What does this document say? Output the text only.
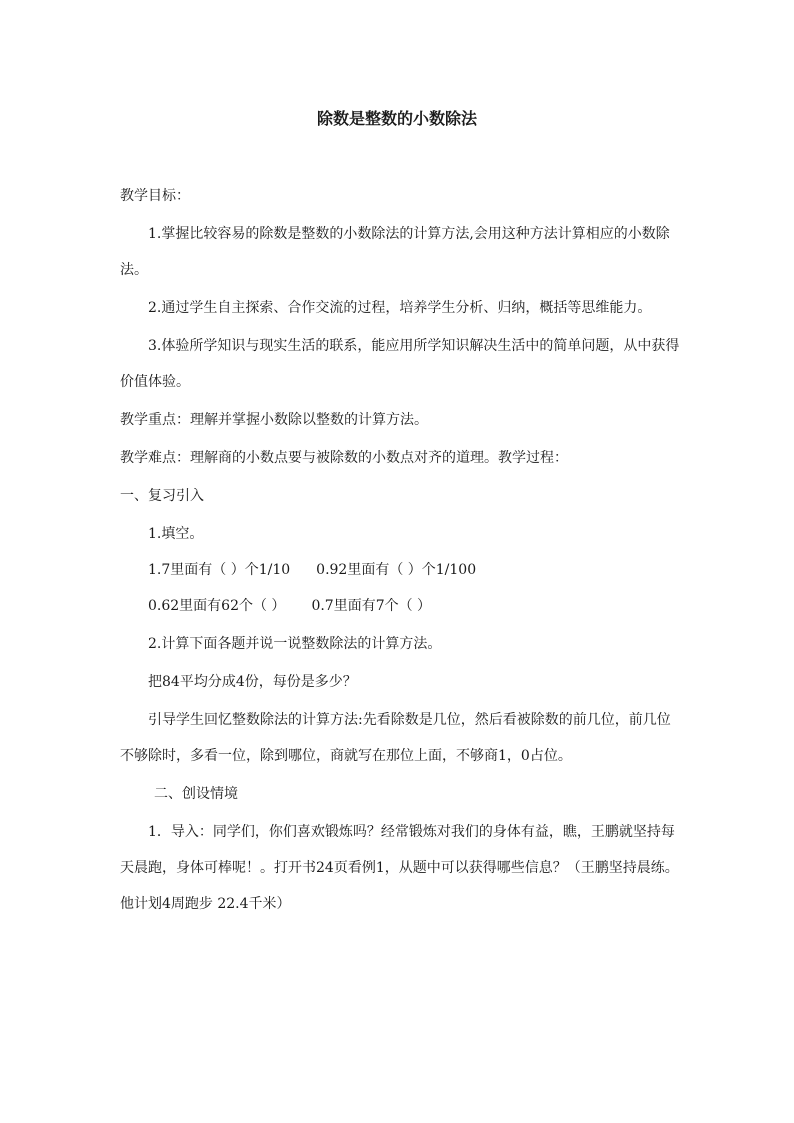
除数是整数的小数除法
教学目标：
1.掌握比较容易的除数是整数的小数除法的计算方法,会用这种方法计算相应的小数除
法。
2.通过学生自主探索、合作交流的过程，培养学生分析、归纳，概括等思维能力。
3.体验所学知识与现实生活的联系，能应用所学知识解决生活中的简单问题，从中获得
价值体验。
教学重点：理解并掌握小数除以整数的计算方法。
教学难点：理解商的小数点要与被除数的小数点对齐的道理。教学过程：
一、复习引入
1.填空。
1.7里面有（ ）个1/10 0.92里面有（ ）个1/100
0.62里面有62个（ ） 0.7里面有7个（ ）
2.计算下面各题并说一说整数除法的计算方法。
把84平均分成4份，每份是多少？
引导学生回忆整数除法的计算方法:先看除数是几位，然后看被除数的前几位，前几位
不够除时，多看一位，除到哪位，商就写在那位上面，不够商1，0占位。
二、创设情境
1．导入：同学们，你们喜欢锻炼吗？经常锻炼对我们的身体有益，瞧，王鹏就坚持每
天晨跑，身体可棒呢！。打开书24页看例1，从题中可以获得哪些信息？（王鹏坚持晨练。
他计划4周跑步 22.4千米）
